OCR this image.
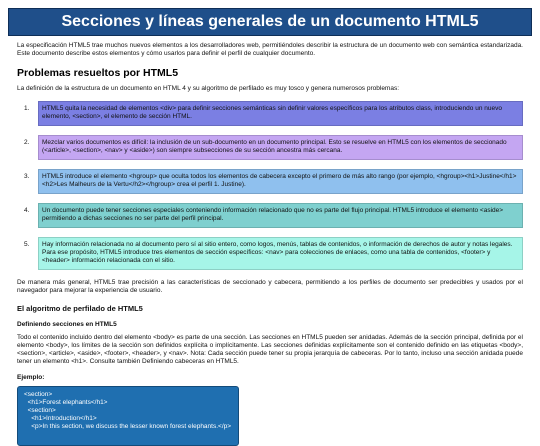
Secciones y líneas generales de un documento HTML5

La especificación HTML5 trae muchos nuevos elementos a los desarrolladores web, permitiéndoles describir la estructura de un documento web con semántica estandarizada. Este documento describe estos elementos y cómo usarlos para definir el perfil de cualquier documento.

Problemas resueltos por HTML5

La definición de la estructura de un documento en HTML 4 y su algoritmo de perfilado es muy tosco y genera numerosos problemas:

1.	HTML5 quita la necesidad de elementos <div> para definir secciones semánticas sin definir valores específicos para los atributos class, introduciendo un nuevo elemento, <section>, el elemento de sección HTML.
2.	Mezclar varios documentos es difícil: la inclusión de un sub-documento en un documento principal. Esto se resuelve en HTML5 con los elementos de seccionado (<article>, <section>, <nav> y <aside>) son siempre subsecciones de su sección ancestra más cercana.
3.	HTML5 introduce el elemento <hgroup> que oculta todos los elementos de cabecera excepto el primero de más alto rango (por ejemplo, <hgroup><h1>Justine</h1><h2>Les Malheurs de la Vertu</h2></hgroup> crea el perfil 1. Justine).
4.	Un documento puede tener secciones especiales conteniendo información relacionado que no es parte del flujo principal. HTML5 introduce el elemento <aside> permitiendo a dichas secciones no ser parte del perfil principal.
5.	Hay información relacionada no al documento pero sí al sitio entero, como logos, menús, tablas de contenidos, o información de derechos de autor y notas legales. Para ese propósito, HTML5 introduce tres elementos de sección específicos: <nav> para colecciones de enlaces, como una tabla de contenidos, <footer> y <header> información relacionada con el sitio.

De manera más general, HTML5 trae precisión a las características de seccionado y cabecera, permitiendo a los perfiles de documento ser predecibles y usados por el navegador para mejorar la experiencia de usuario.

El algoritmo de perfilado de HTML5
Definiendo secciones en HTML5

Todo el contenido incluido dentro del elemento <body> es parte de una sección. Las secciones en HTML5 pueden ser anidadas. Además de la sección principal, definida por el elemento <body>, los límites de la sección son definidos explícita o implícitamente. Las secciones definidas explícitamente son el contenido definido en las etiquetas <body>, <section>, <article>, <aside>, <footer>, <header>, y <nav>. Nota: Cada sección puede tener su propia jerarquía de cabeceras. Por lo tanto, incluso una sección anidada puede tener un elemento <h1>. Consulte también Definiendo cabeceras en HTML5.

Ejemplo:
<section>
<h1>Forest elephants</h1>
<section>
<h1>Introduction</h1>
<p>In this section, we discuss the lesser known forest elephants.</p>
